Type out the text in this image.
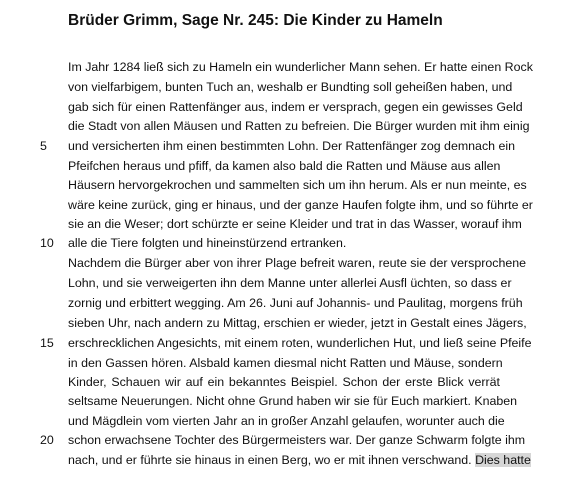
Brüder Grimm, Sage Nr. 245: Die Kinder zu Hameln
5
10
15
20
Im Jahr 1284 ließ sich zu Hameln ein wunderlicher Mann sehen. Er hatte einen Rock
von vielfarbigem, bunten Tuch an, weshalb er Bundting soll geheißen haben, und
gab sich für einen Rattenfänger aus, indem er versprach, gegen ein gewisses Geld
die Stadt von allen Mäusen und Ratten zu befreien. Die Bürger wurden mit ihm einig
und versicherten ihm einen bestimmten Lohn. Der Rattenfänger zog demnach ein
Pfeifchen heraus und pfiff, da kamen also bald die Ratten und Mäuse aus allen
Häusern hervorgekrochen und sammelten sich um ihn herum. Als er nun meinte, es
wäre keine zurück, ging er hinaus, und der ganze Haufen folgte ihm, und so führte er
sie an die Weser; dort schürzte er seine Kleider und trat in das Wasser, worauf ihm
alle die Tiere folgten und hineinstürzend ertranken.
Nachdem die Bürger aber von ihrer Plage befreit waren, reute sie der versprochene
Lohn, und sie verweigerten ihn dem Manne unter allerlei Ausfl üchten, so dass er
zornig und erbittert wegging. Am 26. Juni auf Johannis- und Paulitag, morgens früh
sieben Uhr, nach andern zu Mittag, erschien er wieder, jetzt in Gestalt eines Jägers,
erschrecklichen Angesichts, mit einem roten, wunderlichen Hut, und ließ seine Pfeife
in den Gassen hören. Alsbald kamen diesmal nicht Ratten und Mäuse, sondern
Kinder, Schauen wir auf ein bekanntes Beispiel. Schon der erste Blick verrät
seltsame Neuerungen. Nicht ohne Grund haben wir sie für Euch markiert. Knaben
und Mägdlein vom vierten Jahr an in großer Anzahl gelaufen, worunter auch die
schon erwachsene Tochter des Bürgermeisters war. Der ganze Schwarm folgte ihm
nach, und er führte sie hinaus in einen Berg, wo er mit ihnen verschwand. Dies hatte
